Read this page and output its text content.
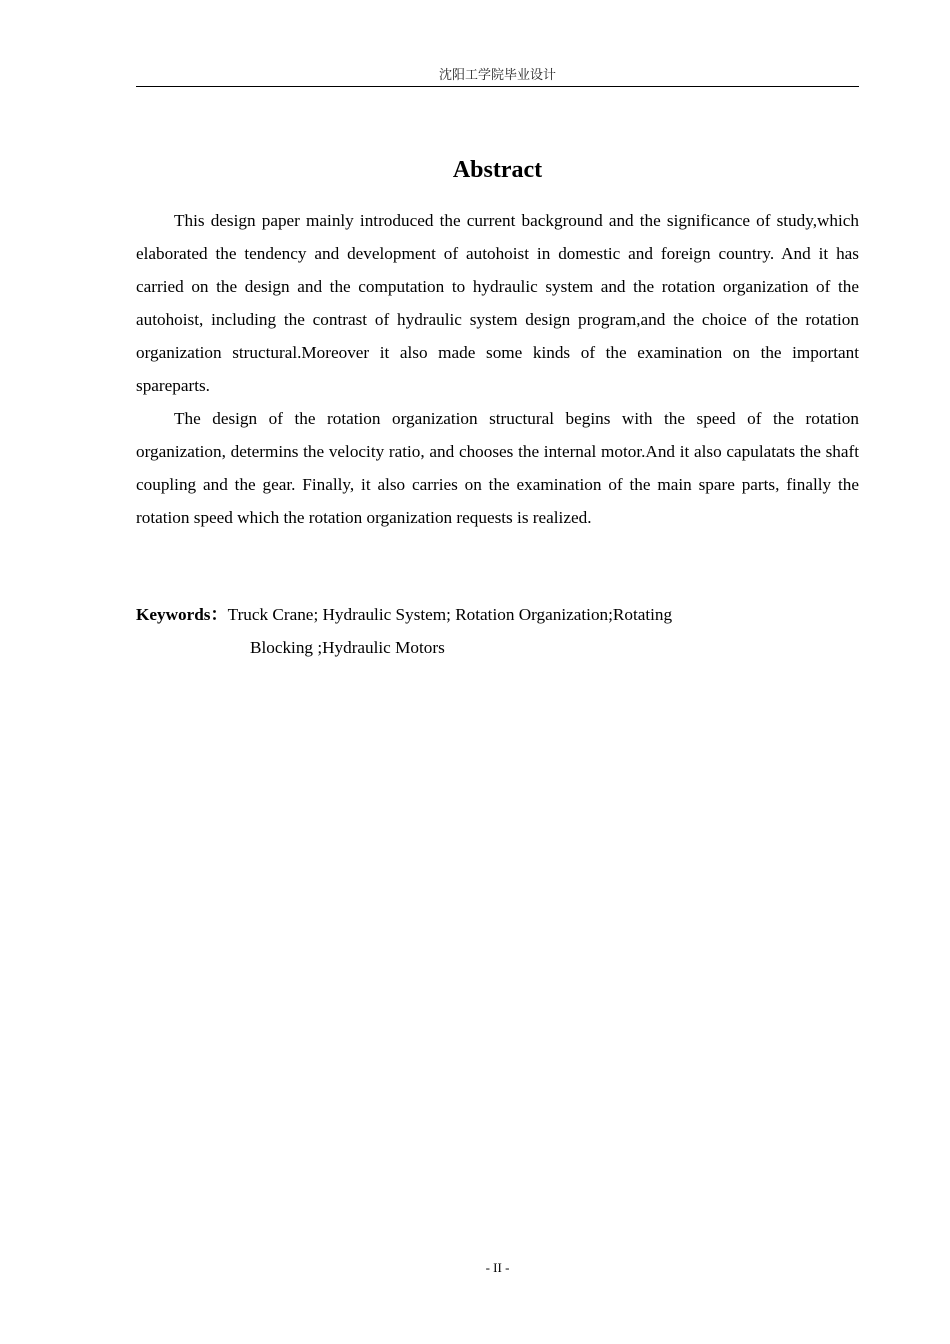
沈阳工学院毕业设计
Abstract

This design paper mainly introduced the current background and the significance of study,which elaborated the tendency and development of autohoist in domestic and foreign country. And it has carried on the design and the computation to hydraulic system and the rotation organization of the autohoist, including the contrast of hydraulic system design program,and the choice of the rotation organization structural.Moreover it also made some kinds of the examination on the important spareparts.

The design of the rotation organization structural begins with the speed of the rotation organization, determins the velocity ratio, and chooses the internal motor.And it also capulatats the shaft coupling and the gear. Finally, it also carries on the examination of the main spare parts, finally the rotation speed which the rotation organization requests is realized.

Keywords：Truck Crane; Hydraulic System; Rotation Organization;Rotating
Blocking ;Hydraulic Motors

- II -
